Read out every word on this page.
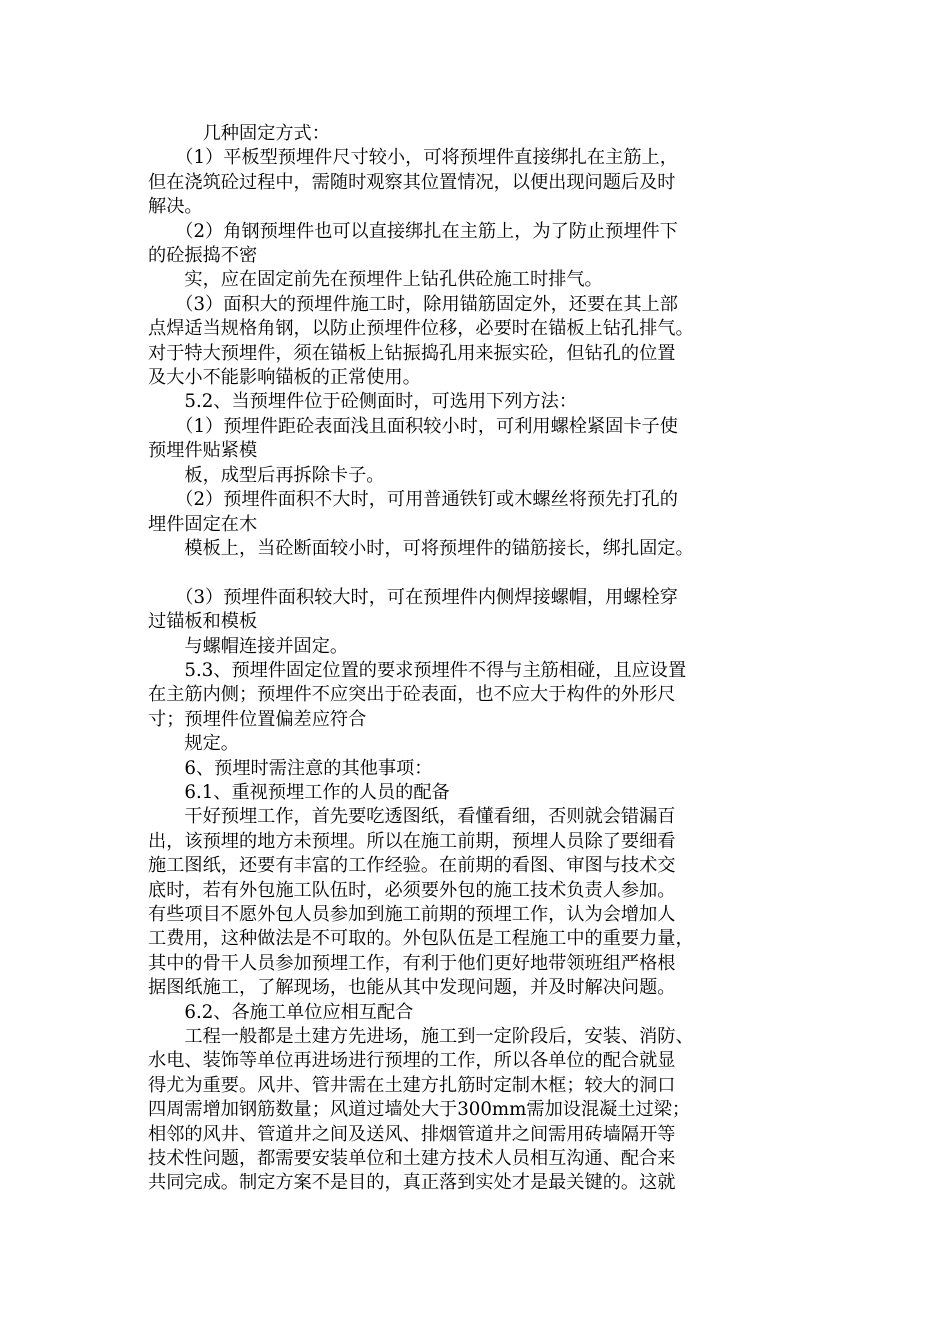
　　　几种固定方式：

　　（1）平板型预埋件尺寸较小，可将预埋件直接绑扎在主筋上，

但在浇筑砼过程中，需随时观察其位置情况，以便出现问题后及时

解决。

　　（2）角钢预埋件也可以直接绑扎在主筋上，为了防止预埋件下

的砼振捣不密

　　实，应在固定前先在预埋件上钻孔供砼施工时排气。

　　（3）面积大的预埋件施工时，除用锚筋固定外，还要在其上部

点焊适当规格角钢，以防止预埋件位移，必要时在锚板上钻孔排气。

对于特大预埋件，须在锚板上钻振捣孔用来振实砼，但钻孔的位置

及大小不能影响锚板的正常使用。

　　5.2、当预埋件位于砼侧面时，可选用下列方法：

　　（1）预埋件距砼表面浅且面积较小时，可利用螺栓紧固卡子使

预埋件贴紧模

　　板，成型后再拆除卡子。

　　（2）预埋件面积不大时，可用普通铁钉或木螺丝将预先打孔的

埋件固定在木

　　模板上，当砼断面较小时，可将预埋件的锚筋接长，绑扎固定。

　　（3）预埋件面积较大时，可在预埋件内侧焊接螺帽，用螺栓穿

过锚板和模板

　　与螺帽连接并固定。

　　5.3、预埋件固定位置的要求预埋件不得与主筋相碰，且应设置

在主筋内侧；预埋件不应突出于砼表面，也不应大于构件的外形尺

寸；预埋件位置偏差应符合

　　规定。

　　6、预埋时需注意的其他事项：

　　6.1、重视预埋工作的人员的配备

　　干好预埋工作，首先要吃透图纸，看懂看细，否则就会错漏百

出，该预埋的地方未预埋。所以在施工前期，预埋人员除了要细看

施工图纸，还要有丰富的工作经验。在前期的看图、审图与技术交

底时，若有外包施工队伍时，必须要外包的施工技术负责人参加。

有些项目不愿外包人员参加到施工前期的预埋工作，认为会增加人

工费用，这种做法是不可取的。外包队伍是工程施工中的重要力量，

其中的骨干人员参加预埋工作，有利于他们更好地带领班组严格根

据图纸施工，了解现场，也能从其中发现问题，并及时解决问题。

　　6.2、各施工单位应相互配合

　　工程一般都是土建方先进场，施工到一定阶段后，安装、消防、

水电、装饰等单位再进场进行预埋的工作，所以各单位的配合就显

得尤为重要。风井、管井需在土建方扎筋时定制木框；较大的洞口

四周需增加钢筋数量；风道过墙处大于300mm需加设混凝土过梁；

相邻的风井、管道井之间及送风、排烟管道井之间需用砖墙隔开等

技术性问题，都需要安装单位和土建方技术人员相互沟通、配合来

共同完成。制定方案不是目的，真正落到实处才是最关键的。这就
